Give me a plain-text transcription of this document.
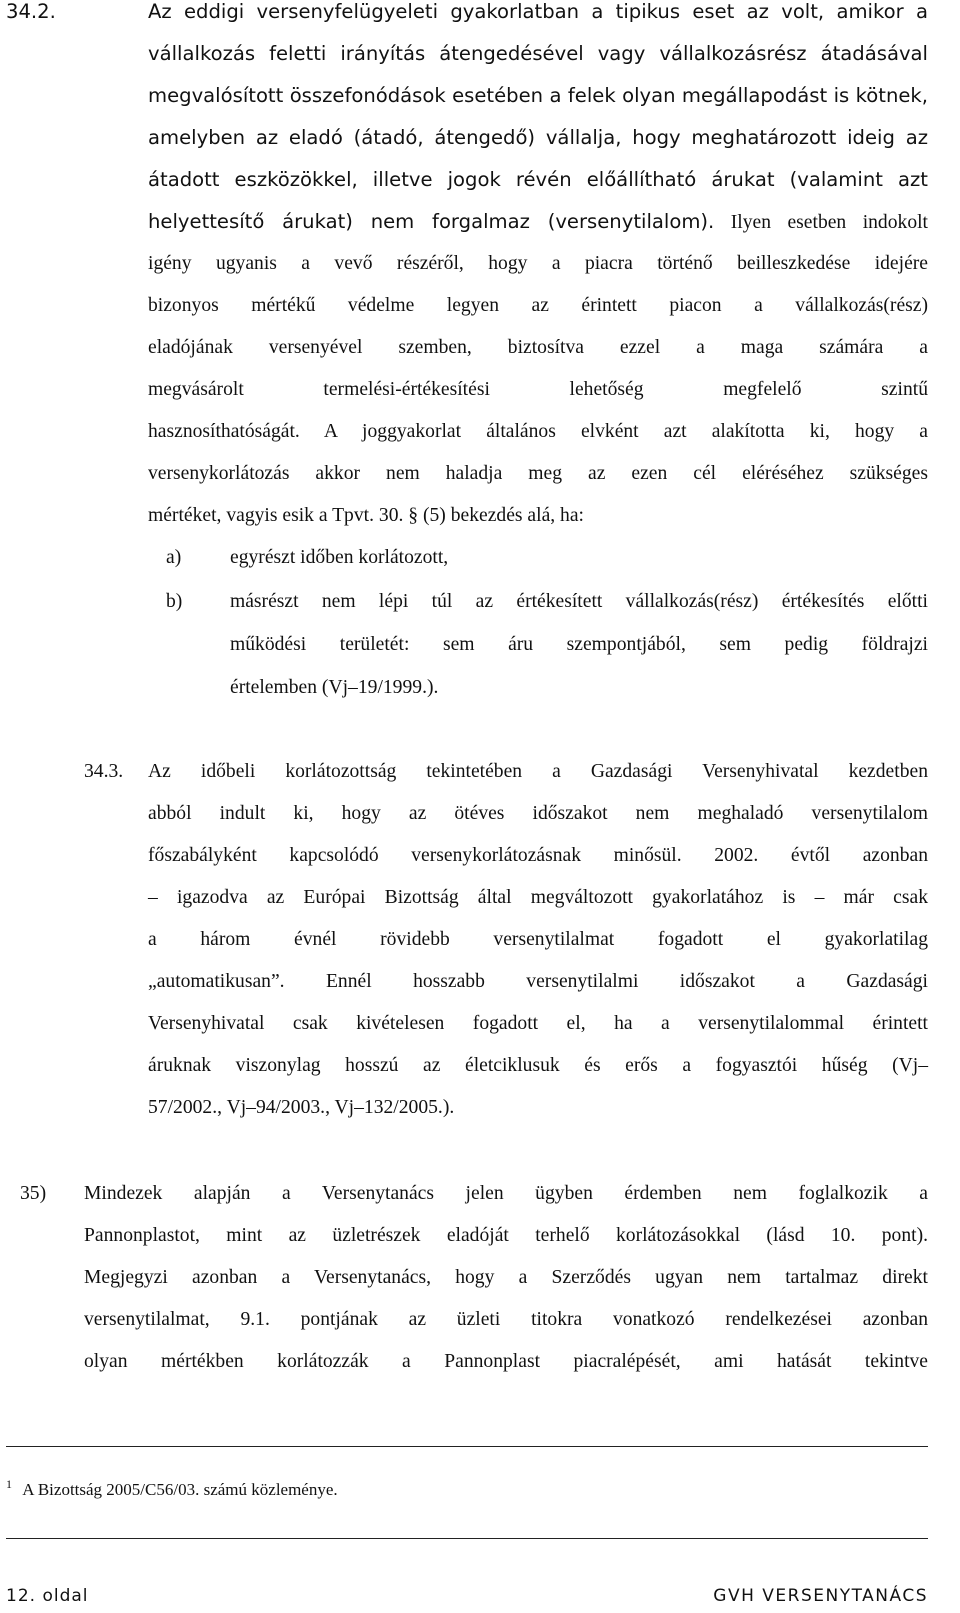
34.2.	Az eddigi versenyfelügyeleti gyakorlatban a tipikus eset az volt, amikor a
vállalkozás feletti irányítás átengedésével vagy vállalkozásrész átadásával
megvalósított összefonódások esetében a felek olyan megállapodást is kötnek,
amelyben az eladó (átadó, átengedő) vállalja, hogy meghatározott ideig az
átadott eszközökkel, illetve jogok révén előállítható árukat (valamint azt
helyettesítő árukat) nem forgalmaz (versenytilalom). Ilyen esetben indokolt
igény ugyanis a vevő részéről, hogy a piacra történő beilleszkedése idejére
bizonyos mértékű védelme legyen az érintett piacon a vállalkozás(rész)
eladójának versenyével szemben, biztosítva ezzel a maga számára a
megvásárolt termelési-értékesítési lehetőség megfelelő szintű
hasznosíthatóságát. A joggyakorlat általános elvként azt alakította ki, hogy a
versenykorlátozás akkor nem haladja meg az ezen cél eléréséhez szükséges
mértéket, vagyis esik a Tpvt. 30. § (5) bekezdés alá, ha:
a) egyrészt időben korlátozott,
b) másrészt nem lépi túl az értékesített vállalkozás(rész) értékesítés előtti
működési területét: sem áru szempontjából, sem pedig földrajzi
értelemben (Vj–19/1999.).
34.3. Az időbeli korlátozottság tekintetében a Gazdasági Versenyhivatal kezdetben
abból indult ki, hogy az ötéves időszakot nem meghaladó versenytilalom
főszabályként kapcsolódó versenykorlátozásnak minősül. 2002. évtől azonban
– igazodva az Európai Bizottság által megváltozott gyakorlatához is – már csak
a három évnél rövidebb versenytilalmat fogadott el gyakorlatilag
„automatikusan”. Ennél hosszabb versenytilalmi időszakot a Gazdasági
Versenyhivatal csak kivételesen fogadott el, ha a versenytilalommal érintett
áruknak viszonylag hosszú az életciklusuk és erős a fogyasztói hűség (Vj–
57/2002., Vj–94/2003., Vj–132/2005.).
35) Mindezek alapján a Versenytanács jelen ügyben érdemben nem foglalkozik a
Pannonplastot, mint az üzletrészek eladóját terhelő korlátozásokkal (lásd 10. pont).
Megjegyzi azonban a Versenytanács, hogy a Szerződés ugyan nem tartalmaz direkt
versenytilalmat, 9.1. pontjának az üzleti titokra vonatkozó rendelkezései azonban
olyan mértékben korlátozzák a Pannonplast piacralépését, ami hatását tekintve
$^1$ A Bizottság 2005/C56/03. számú közleménye.
12. oldal	GVH VERSENYTANÁCS
